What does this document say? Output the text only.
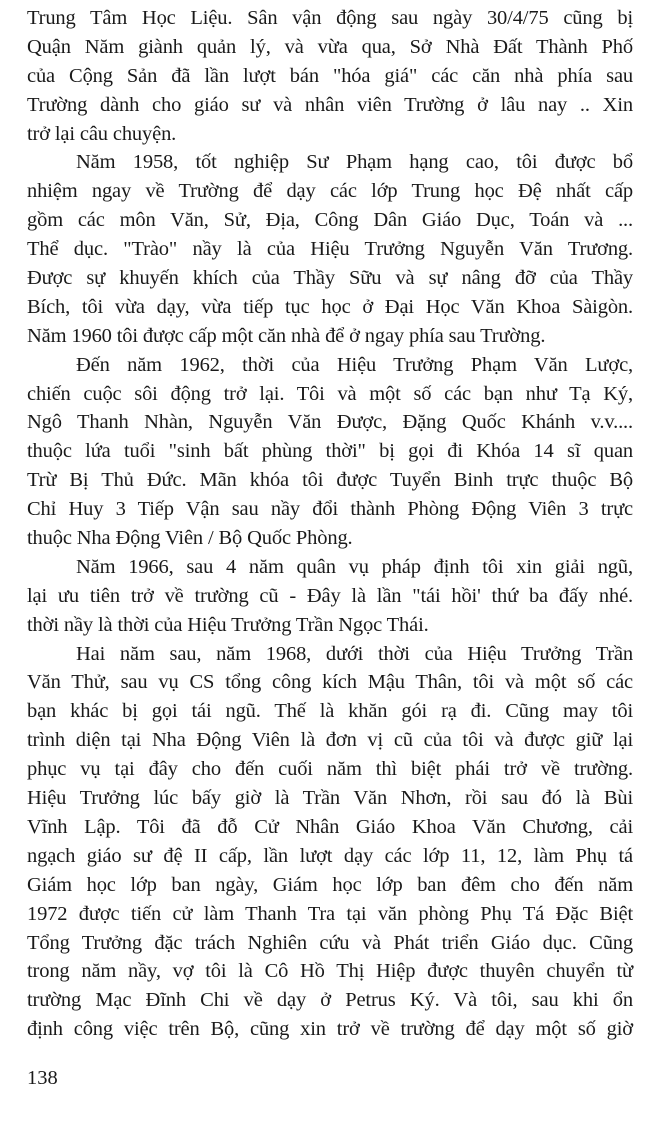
Trung Tâm Học Liệu. Sân vận động sau ngày 30/4/75 cũng bị
Quận Năm giành quản lý, và vừa qua, Sở Nhà Đất Thành Phố
của Cộng Sản đã lần lượt bán "hóa giá" các căn nhà phía sau
Trường dành cho giáo sư và nhân viên Trường ở lâu nay .. Xin
trở lại câu chuyện.
Năm 1958, tốt nghiệp Sư Phạm hạng cao, tôi được bổ
nhiệm ngay về Trường để dạy các lớp Trung học Đệ nhất cấp
gồm các môn Văn, Sử, Địa, Công Dân Giáo Dục, Toán và ...
Thể dục. "Trào" nầy là của Hiệu Trưởng Nguyễn Văn Trương.
Được sự khuyến khích của Thầy Sữu và sự nâng đỡ của Thầy
Bích, tôi vừa dạy, vừa tiếp tục học ở Đại Học Văn Khoa Sàigòn.
Năm 1960 tôi được cấp một căn nhà để ở ngay phía sau Trường.
Đến năm 1962, thời của Hiệu Trưởng Phạm Văn Lược,
chiến cuộc sôi động trở lại. Tôi và một số các bạn như Tạ Ký,
Ngô Thanh Nhàn, Nguyễn Văn Được, Đặng Quốc Khánh v.v....
thuộc lứa tuổi "sinh bất phùng thời" bị gọi đi Khóa 14 sĩ quan
Trừ Bị Thủ Đức. Mãn khóa tôi được Tuyển Binh trực thuộc Bộ
Chỉ Huy 3 Tiếp Vận sau nầy đổi thành Phòng Động Viên 3 trực
thuộc Nha Động Viên / Bộ Quốc Phòng.
Năm 1966, sau 4 năm quân vụ pháp định tôi xin giải ngũ,
lại ưu tiên trở về trường cũ - Đây là lần "tái hồi' thứ ba đấy nhé.
thời nầy là thời của Hiệu Trưởng Trần Ngọc Thái.
Hai năm sau, năm 1968, dưới thời của Hiệu Trưởng Trần
Văn Thử, sau vụ CS tổng công kích Mậu Thân, tôi và một số các
bạn khác bị gọi tái ngũ. Thế là khăn gói rạ đi. Cũng may tôi
trình diện tại Nha Động Viên là đơn vị cũ của tôi và được giữ lại
phục vụ tại đây cho đến cuối năm thì biệt phái trở về trường.
Hiệu Trưởng lúc bấy giờ là Trần Văn Nhơn, rồi sau đó là Bùi
Vĩnh Lập. Tôi đã đỗ Cử Nhân Giáo Khoa Văn Chương, cải
ngạch giáo sư đệ II cấp, lần lượt dạy các lớp 11, 12, làm Phụ tá
Giám học lớp ban ngày, Giám học lớp ban đêm cho đến năm
1972 được tiến cử làm Thanh Tra tại văn phòng Phụ Tá Đặc Biệt
Tổng Trưởng đặc trách Nghiên cứu và Phát triển Giáo dục. Cũng
trong năm nầy, vợ tôi là Cô Hồ Thị Hiệp được thuyên chuyển từ
trường Mạc Đĩnh Chi về dạy ở Petrus Ký. Và tôi, sau khi ổn
định công việc trên Bộ, cũng xin trở về trường để dạy một số giờ
138
